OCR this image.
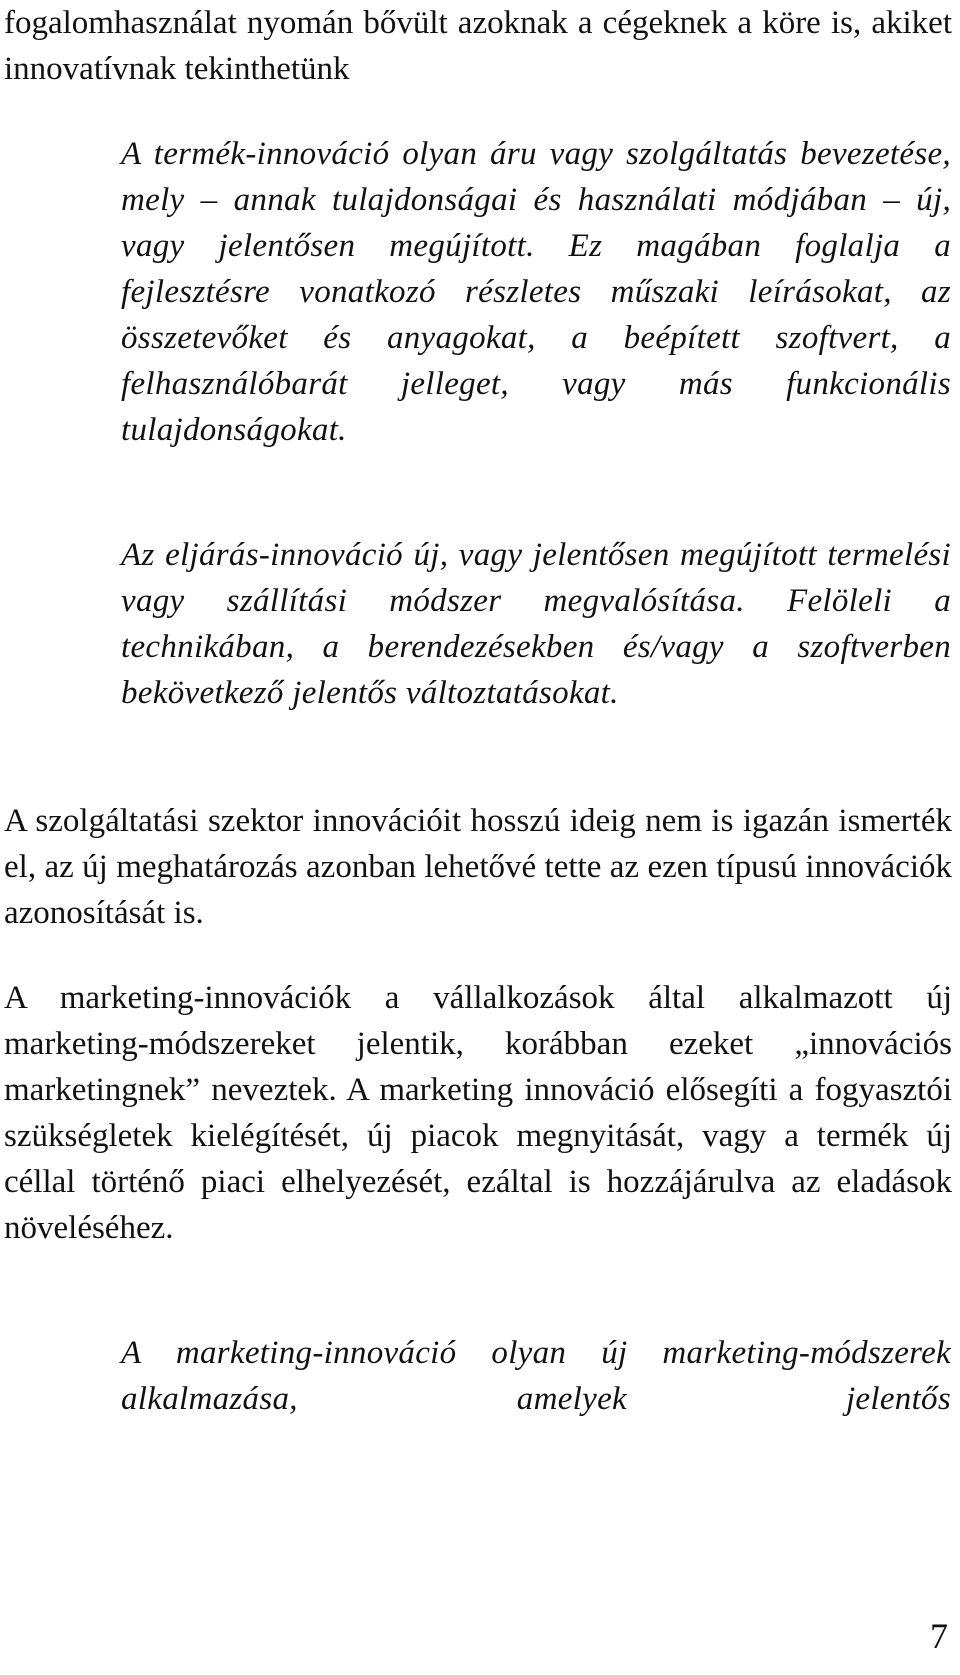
fogalomhasználat nyomán bővült azoknak a cégeknek a köre is, akiket innovatívnak tekinthetünk

A termék-innováció olyan áru vagy szolgáltatás bevezetése, mely – annak tulajdonságai és használati módjában – új, vagy jelentősen megújított. Ez magában foglalja a fejlesztésre vonatkozó részletes műszaki leírásokat, az összetevőket és anyagokat, a beépített szoftvert, a felhasználóbarát jelleget, vagy más funkcionális tulajdonságokat.

Az eljárás-innováció új, vagy jelentősen megújított termelési vagy szállítási módszer megvalósítása. Felöleli a technikában, a berendezésekben és/vagy a szoftverben bekövetkező jelentős változtatásokat.

A szolgáltatási szektor innovációit hosszú ideig nem is igazán ismerték el, az új meghatározás azonban lehetővé tette az ezen típusú innovációk azonosítását is.

A marketing-innovációk a vállalkozások által alkalmazott új marketing-módszereket jelentik, korábban ezeket „innovációs marketingnek” neveztek. A marketing innováció elősegíti a fogyasztói szükségletek kielégítését, új piacok megnyitását, vagy a termék új céllal történő piaci elhelyezését, ezáltal is hozzájárulva az eladások növeléséhez.

A marketing-innováció olyan új marketing-módszerek alkalmazása, amelyek jelentős

7
